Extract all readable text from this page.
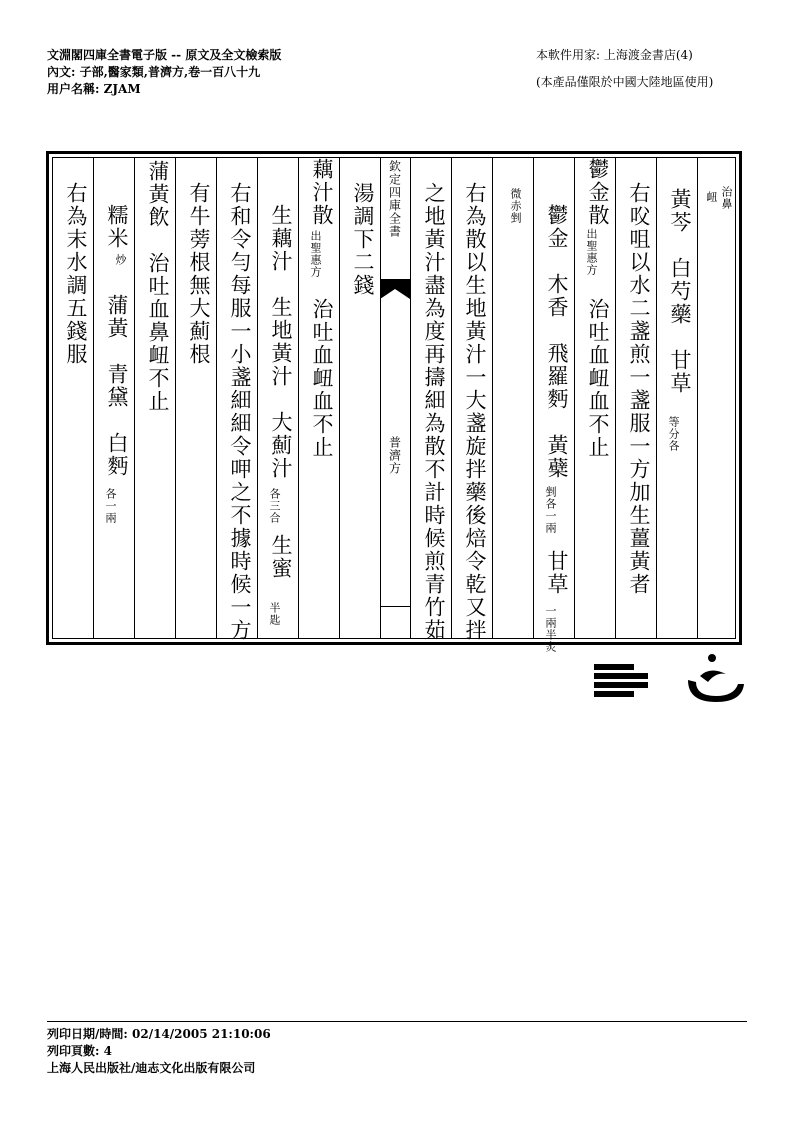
文淵閣四庫全書電子版 -- 原文及全文檢索版
內文: 子部,醫家類,普濟方,卷一百八十九
用户名稱: ZJAM
本軟件用家: 上海渡金書店(4)
(本產品僅限於中國大陸地區使用)
治鼻
衄
黃芩　白芍藥　甘草
等分各
右㕮咀以水二盞煎一盞服一方加生薑黃者
鬱金散
出聖惠方
治吐血衄血不止
鬱金　木香　飛羅麪　黃蘗
剉各一兩
甘草
一兩半炙
微赤剉
右為散以生地黃汁一大盞旋拌藥後焙令乾又拌
之地黃汁盡為度再擣細為散不計時候煎青竹茹
欽定四庫全書
普濟方
湯調下二錢
藕汁散
出聖惠方
治吐血衄血不止
生藕汁　生地黃汁　大薊汁
各三合
生蜜
半匙
右和令勻每服一小盞細細令呷之不據時候一方
有牛蒡根無大薊根
蒲黃飲　治吐血鼻衄不止
糯米
炒
蒲黃　青黛　白麪
各一兩
右為末水調五錢服
列印日期/時間: 02/14/2005 21:10:06
列印頁數: 4
上海人民出版社/迪志文化出版有限公司
